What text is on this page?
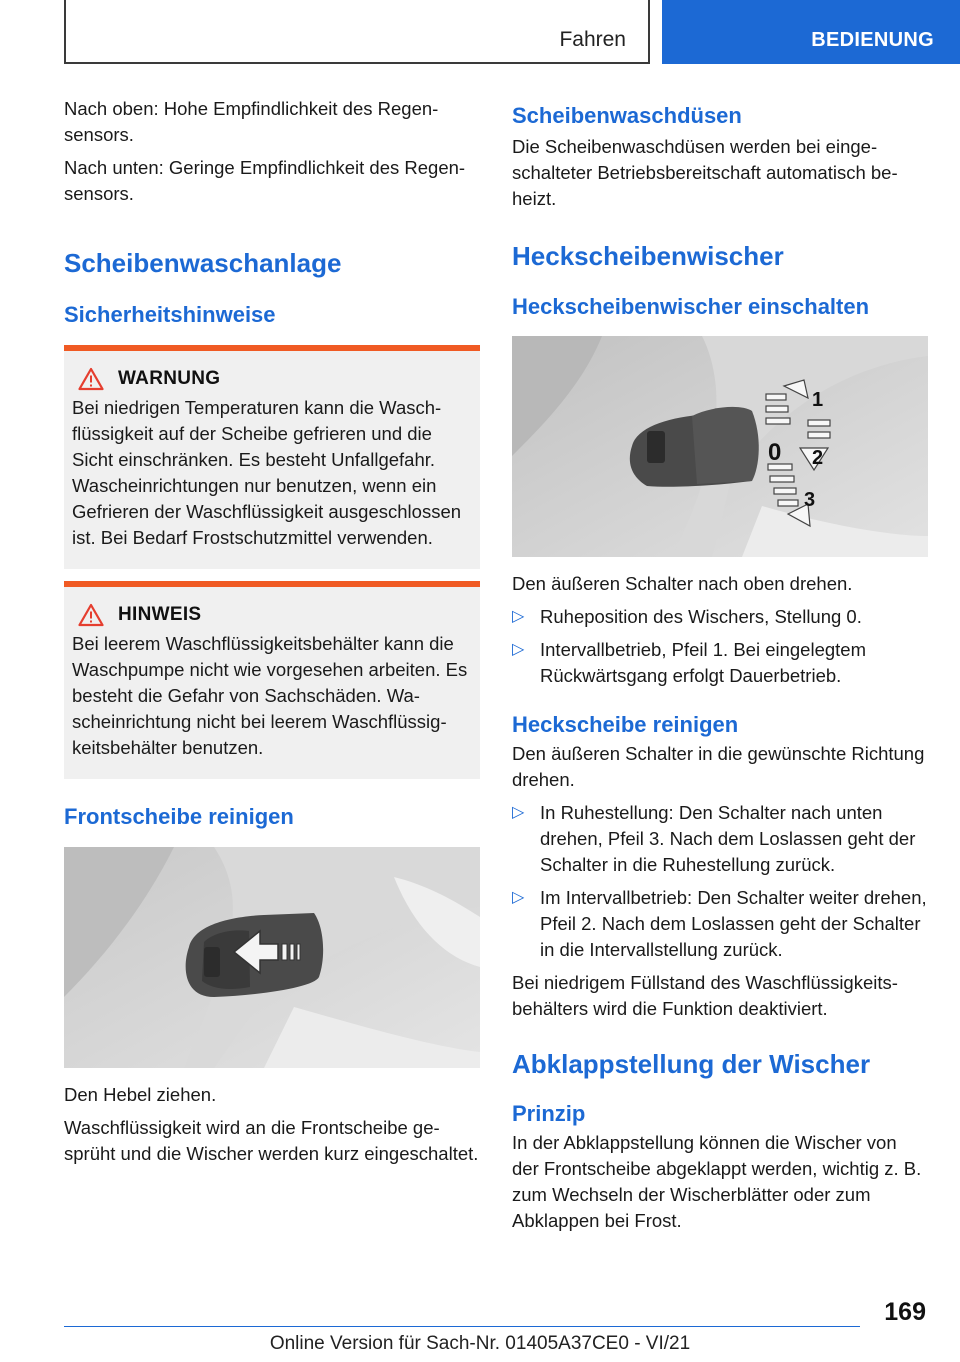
Fahren	BEDIENUNG

Nach oben: Hohe Empfindlichkeit des Regensensors.

Nach unten: Geringe Empfindlichkeit des Regensensors.

Scheibenwaschanlage
Sicherheitshinweise
WARNUNG

Bei niedrigen Temperaturen kann die Waschflüssigkeit auf der Scheibe gefrieren und die Sicht einschränken. Es besteht Unfallgefahr. Wascheinrichtungen nur benutzen, wenn ein Gefrieren der Waschflüssigkeit ausgeschlossen ist. Bei Bedarf Frostschutzmittel verwenden.

HINWEIS

Bei leerem Waschflüssigkeitsbehälter kann die Waschpumpe nicht wie vorgesehen arbeiten. Es besteht die Gefahr von Sachschäden. Wascheinrichtung nicht bei leerem Waschflüssigkeitsbehälter benutzen.

Frontscheibe reinigen

Den Hebel ziehen.

Waschflüssigkeit wird an die Frontscheibe gesprüht und die Wischer werden kurz eingeschaltet.

Scheibenwaschdüsen

Die Scheibenwaschdüsen werden bei eingeschalteter Betriebsbereitschaft automatisch beheizt.

Heckscheibenwischer
Heckscheibenwischer einschalten
1
0 2
3

Den äußeren Schalter nach oben drehen.

▷ Ruheposition des Wischers, Stellung 0.
▷ Intervallbetrieb, Pfeil 1. Bei eingelegtem Rückwärtsgang erfolgt Dauerbetrieb.
Heckscheibe reinigen

Den äußeren Schalter in die gewünschte Richtung drehen.

▷ In Ruhestellung: Den Schalter nach unten drehen, Pfeil 3. Nach dem Loslassen geht der Schalter in die Ruhestellung zurück.
▷ Im Intervallbetrieb: Den Schalter weiter drehen, Pfeil 2. Nach dem Loslassen geht der Schalter in die Intervallstellung zurück.

Bei niedrigem Füllstand des Waschflüssigkeitsbehälters wird die Funktion deaktiviert.

Abklappstellung der Wischer
Prinzip

In der Abklappstellung können die Wischer von der Frontscheibe abgeklappt werden, wichtig z. B. zum Wechseln der Wischerblätter oder zum Abklappen bei Frost.

169
Online Version für Sach-Nr. 01405A37CE0 - VI/21
